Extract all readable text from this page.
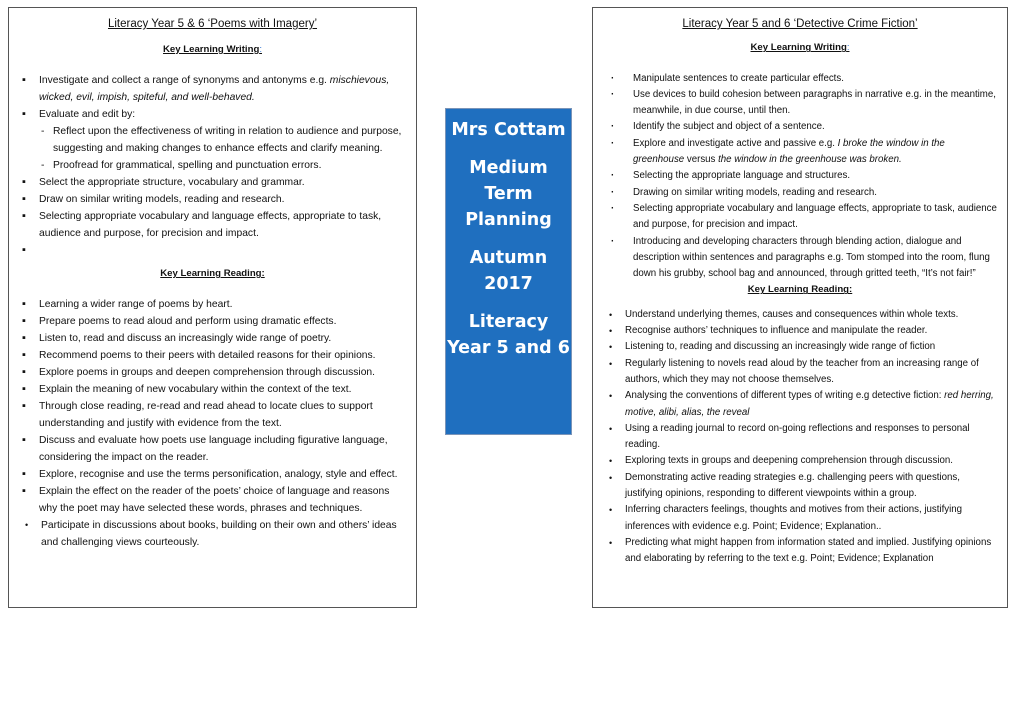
Literacy Year 5 & 6 ‘Poems with Imagery’
Key Learning Writing:
▪ Investigate and collect a range of synonyms and antonyms e.g. mischievous, wicked, evil, impish, spiteful, and well-behaved.
▪ Evaluate and edit by:
- Reflect upon the effectiveness of writing in relation to audience and purpose, suggesting and making changes to enhance effects and clarify meaning.
- Proofread for grammatical, spelling and punctuation errors.
▪ Select the appropriate structure, vocabulary and grammar.
▪ Draw on similar writing models, reading and research.
▪ Selecting appropriate vocabulary and language effects, appropriate to task, audience and purpose, for precision and impact.
▪
Key Learning Reading:
▪ Learning a wider range of poems by heart.
▪ Prepare poems to read aloud and perform using dramatic effects.
▪ Listen to, read and discuss an increasingly wide range of poetry.
▪ Recommend poems to their peers with detailed reasons for their opinions.
▪ Explore poems in groups and deepen comprehension through discussion.
▪ Explain the meaning of new vocabulary within the context of the text.
▪ Through close reading, re-read and read ahead to locate clues to support understanding and justify with evidence from the text.
▪ Discuss and evaluate how poets use language including figurative language, considering the impact on the reader.
▪ Explore, recognise and use the terms personification, analogy, style and effect.
▪ Explain the effect on the reader of the poets’ choice of language and reasons why the poet may have selected these words, phrases and techniques.
• Participate in discussions about books, building on their own and others’ ideas and challenging views courteously.
Mrs Cottam
Medium Term Planning
Autumn 2017
Literacy Year 5 and 6
Literacy Year 5 and 6 ‘Detective Crime Fiction’
Key Learning Writing:
· Manipulate sentences to create particular effects.
· Use devices to build cohesion between paragraphs in narrative e.g. in the meantime, meanwhile, in due course, until then.
· Identify the subject and object of a sentence.
· Explore and investigate active and passive e.g. I broke the window in the greenhouse versus the window in the greenhouse was broken.
· Selecting the appropriate language and structures.
· Drawing on similar writing models, reading and research.
· Selecting appropriate vocabulary and language effects, appropriate to task, audience and purpose, for precision and impact.
· Introducing and developing characters through blending action, dialogue and description within sentences and paragraphs e.g. Tom stomped into the room, flung down his grubby, school bag and announced, through gritted teeth, “It’s not fair!”
Key Learning Reading:
• Understand underlying themes, causes and consequences within whole texts.
• Recognise authors’ techniques to influence and manipulate the reader.
• Listening to, reading and discussing an increasingly wide range of fiction
• Regularly listening to novels read aloud by the teacher from an increasing range of authors, which they may not choose themselves.
• Analysing the conventions of different types of writing e.g detective fiction: red herring, motive, alibi, alias, the reveal
• Using a reading journal to record on-going reflections and responses to personal reading.
• Exploring texts in groups and deepening comprehension through discussion.
• Demonstrating active reading strategies e.g. challenging peers with questions, justifying opinions, responding to different viewpoints within a group.
• Inferring characters feelings, thoughts and motives from their actions, justifying inferences with evidence e.g. Point; Evidence; Explanation..
• Predicting what might happen from information stated and implied. Justifying opinions and elaborating by referring to the text e.g. Point; Evidence; Explanation
